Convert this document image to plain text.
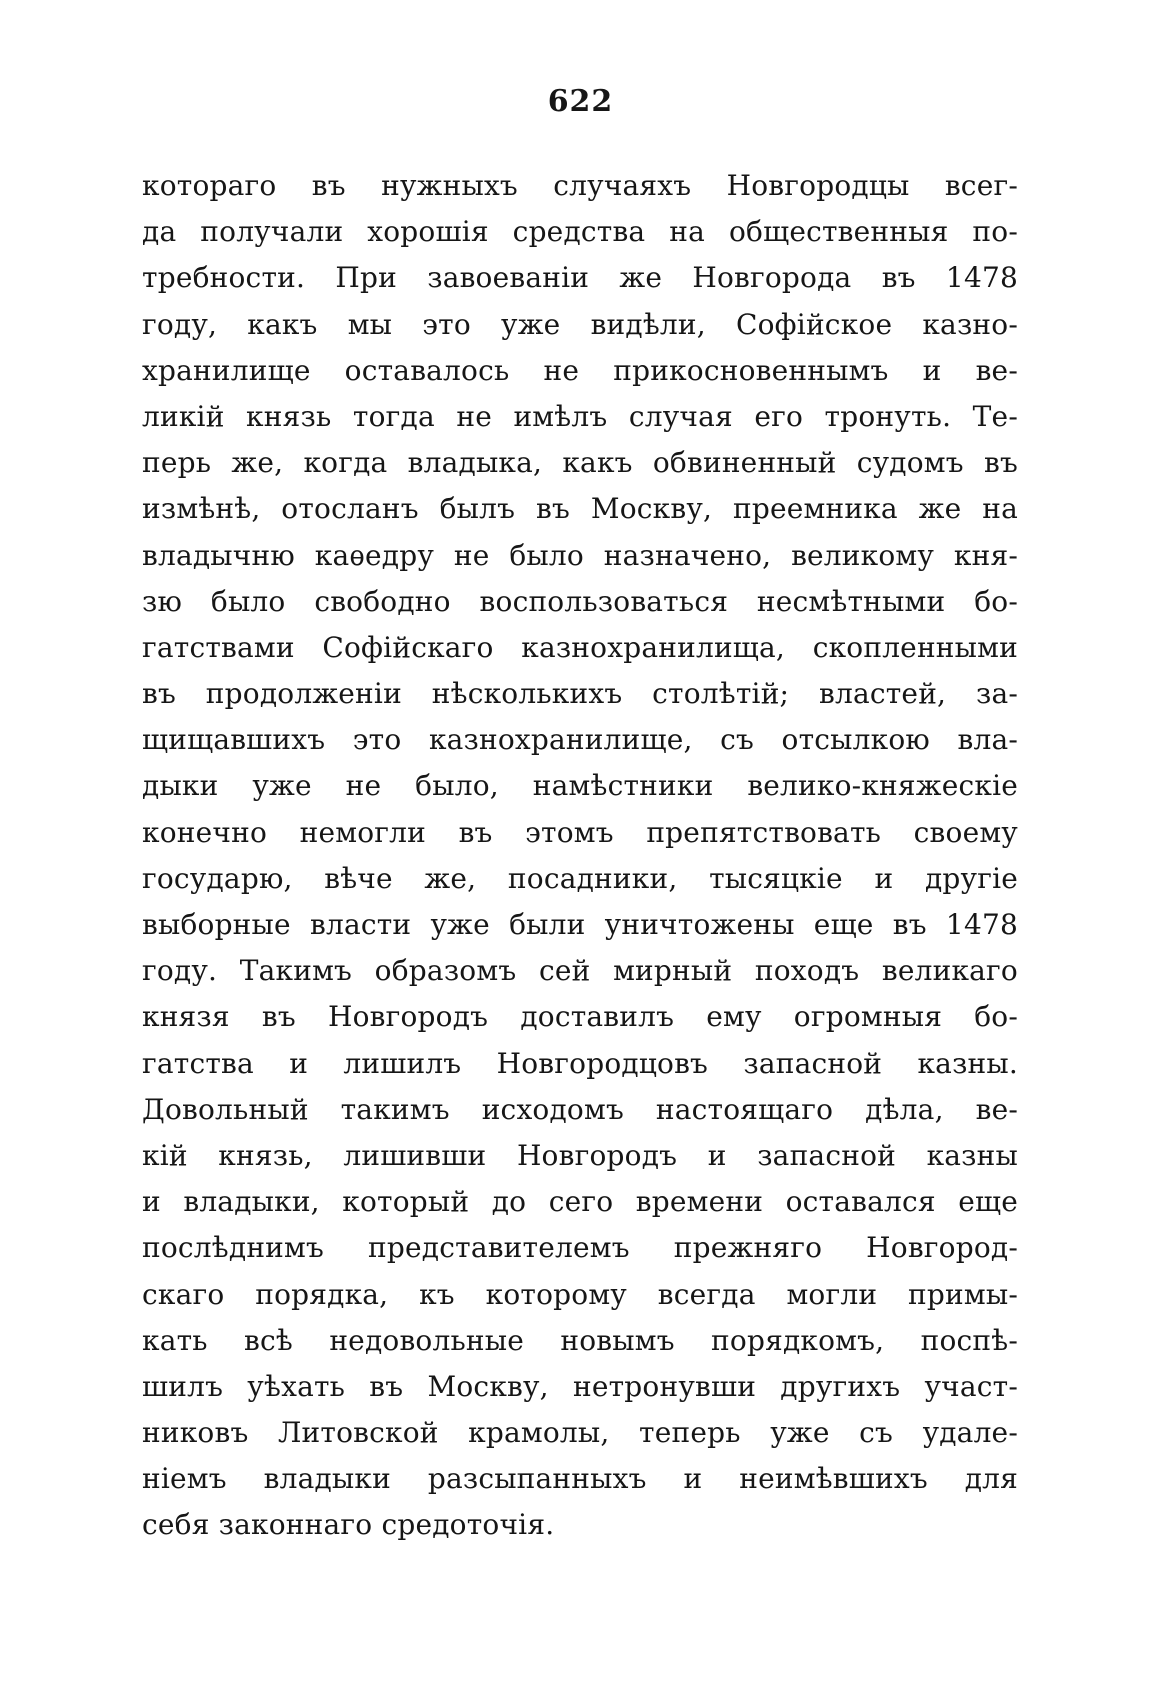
622
котораго въ нужныхъ случаяхъ Новгородцы всег-
да получали хорошія средства на общественныя по-
требности. При завоеваніи же Новгорода въ 1478
году, какъ мы это уже видѣли, Софійское казно-
хранилище оставалось не прикосновеннымъ и ве-
ликій князь тогда не имѣлъ случая его тронуть. Те-
перь же, когда владыка, какъ обвиненный судомъ въ
измѣнѣ, отосланъ былъ въ Москву, преемника же на
владычню каѳедру не было назначено, великому кня-
зю было свободно воспользоваться несмѣтными бо-
гатствами Софійскаго казнохранилища, скопленными
въ продолженіи нѣсколькихъ столѣтій; властей, за-
щищавшихъ это казнохранилище, съ отсылкою вла-
дыки уже не было, намѣстники велико-княжескіе
конечно немогли въ этомъ препятствовать своему
государю, вѣче же, посадники, тысяцкіе и другіе
выборные власти уже были уничтожены еще въ 1478
году. Такимъ образомъ сей мирный походъ великаго
князя въ Новгородъ доставилъ ему огромныя бо-
гатства и лишилъ Новгородцовъ запасной казны.
Довольный такимъ исходомъ настоящаго дѣла, ве-
кій князь, лишивши Новгородъ и запасной казны
и владыки, который до сего времени оставался еще
послѣднимъ представителемъ прежняго Новгород-
скаго порядка, къ которому всегда могли примы-
кать всѣ недовольные новымъ порядкомъ, поспѣ-
шилъ уѣхать въ Москву, нетронувши другихъ участ-
никовъ Литовской крамолы, теперь уже съ удале-
ніемъ владыки разсыпанныхъ и неимѣвшихъ для
себя законнаго средоточія.
